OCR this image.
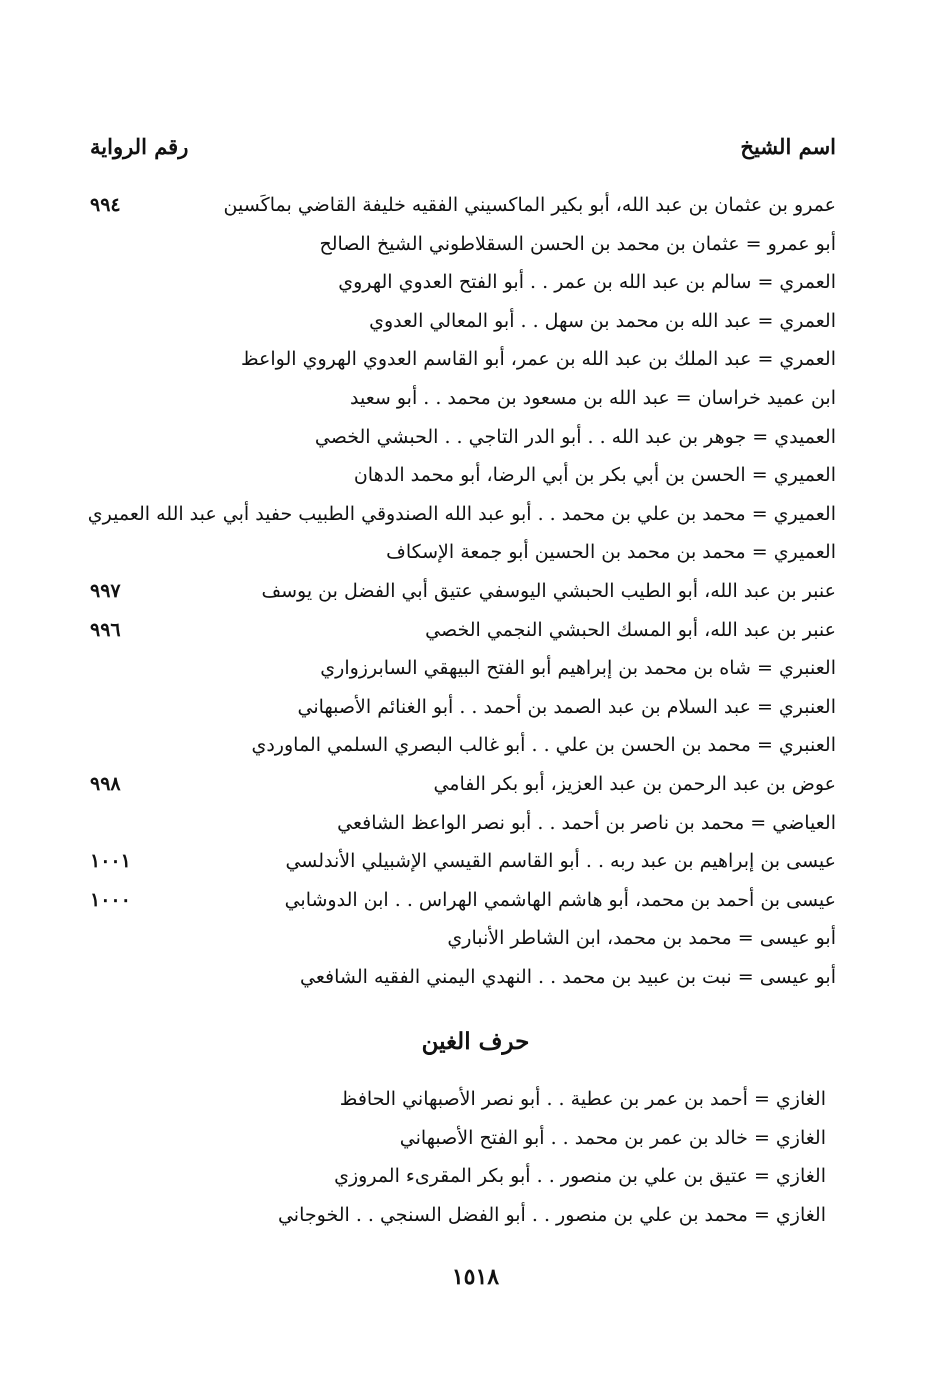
اسم الشيخ
رقم الرواية
عمرو بن عثمان بن عبد الله، أبو بكير الماكسيني الفقيه خليفة القاضي بماكَسين
٩٩٤
أبو عمرو = عثمان بن محمد بن الحسن السقلاطوني الشيخ الصالح
العمري = سالم بن عبد الله بن عمر . . أبو الفتح العدوي الهروي
العمري = عبد الله بن محمد بن سهل . . أبو المعالي العدوي
العمري = عبد الملك بن عبد الله بن عمر، أبو القاسم العدوي الهروي الواعظ
ابن عميد خراسان = عبد الله بن مسعود بن محمد . . أبو سعيد
العميدي = جوهر بن عبد الله . . أبو الدر التاجي . . الحبشي الخصي
العميري = الحسن بن أبي بكر بن أبي الرضا، أبو محمد الدهان
العميري = محمد بن علي بن محمد . . أبو عبد الله الصندوقي الطبيب حفيد أبي عبد الله العميري
العميري = محمد بن محمد بن الحسين أبو جمعة الإسكاف
عنبر بن عبد الله، أبو الطيب الحبشي اليوسفي عتيق أبي الفضل بن يوسف
٩٩٧
عنبر بن عبد الله، أبو المسك الحبشي النجمي الخصي
٩٩٦
العنبري = شاه بن محمد بن إبراهيم أبو الفتح البيهقي السابرزواري
العنبري = عبد السلام بن عبد الصمد بن أحمد . . أبو الغنائم الأصبهاني
العنبري = محمد بن الحسن بن علي . . أبو غالب البصري السلمي الماوردي
عوض بن عبد الرحمن بن عبد العزيز، أبو بكر الفامي
٩٩٨
العياضي = محمد بن ناصر بن أحمد . . أبو نصر الواعظ الشافعي
عيسى بن إبراهيم بن عبد ربه . . أبو القاسم القيسي الإشبيلي الأندلسي
١٠٠١
عيسى بن أحمد بن محمد، أبو هاشم الهاشمي الهراس . . ابن الدوشابي
١٠٠٠
أبو عيسى = محمد بن محمد، ابن الشاطر الأنباري
أبو عيسى = نبت بن عبيد بن محمد . . النهدي اليمني الفقيه الشافعي
حرف الغين
الغازي = أحمد بن عمر بن عطية . . أبو نصر الأصبهاني الحافظ
الغازي = خالد بن عمر بن محمد . . أبو الفتح الأصبهاني
الغازي = عتيق بن علي بن منصور . . أبو بكر المقرىء المروزي
الغازي = محمد بن علي بن منصور . . أبو الفضل السنجي . . الخوجاني
١٥١٨
